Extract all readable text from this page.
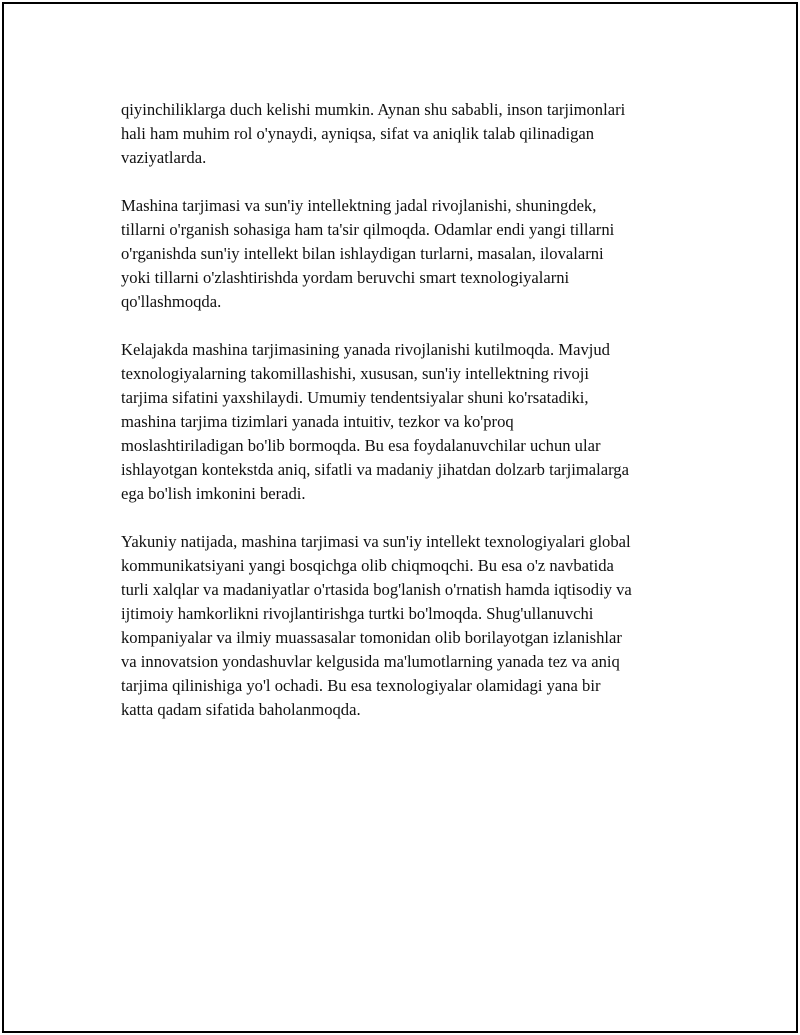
qiyinchiliklarga duch kelishi mumkin. Aynan shu sababli, inson tarjimonlari
hali ham muhim rol o'ynaydi, ayniqsa, sifat va aniqlik talab qilinadigan
vaziyatlarda.

Mashina tarjimasi va sun'iy intellektning jadal rivojlanishi, shuningdek,
tillarni o'rganish sohasiga ham ta'sir qilmoqda. Odamlar endi yangi tillarni
o'rganishda sun'iy intellekt bilan ishlaydigan turlarni, masalan, ilovalarni
yoki tillarni o'zlashtirishda yordam beruvchi smart texnologiyalarni
qo'llashmoqda.

Kelajakda mashina tarjimasining yanada rivojlanishi kutilmoqda. Mavjud
texnologiyalarning takomillashishi, xususan, sun'iy intellektning rivoji
tarjima sifatini yaxshilaydi. Umumiy tendentsiyalar shuni ko'rsatadiki,
mashina tarjima tizimlari yanada intuitiv, tezkor va ko'proq
moslashtiriladigan bo'lib bormoqda. Bu esa foydalanuvchilar uchun ular
ishlayotgan kontekstda aniq, sifatli va madaniy jihatdan dolzarb tarjimalarga
ega bo'lish imkonini beradi.

Yakuniy natijada, mashina tarjimasi va sun'iy intellekt texnologiyalari global
kommunikatsiyani yangi bosqichga olib chiqmoqchi. Bu esa o'z navbatida
turli xalqlar va madaniyatlar o'rtasida bog'lanish o'rnatish hamda iqtisodiy va
ijtimoiy hamkorlikni rivojlantirishga turtki bo'lmoqda. Shug'ullanuvchi
kompaniyalar va ilmiy muassasalar tomonidan olib borilayotgan izlanishlar
va innovatsion yondashuvlar kelgusida ma'lumotlarning yanada tez va aniq
tarjima qilinishiga yo'l ochadi. Bu esa texnologiyalar olamidagi yana bir
katta qadam sifatida baholanmoqda.
